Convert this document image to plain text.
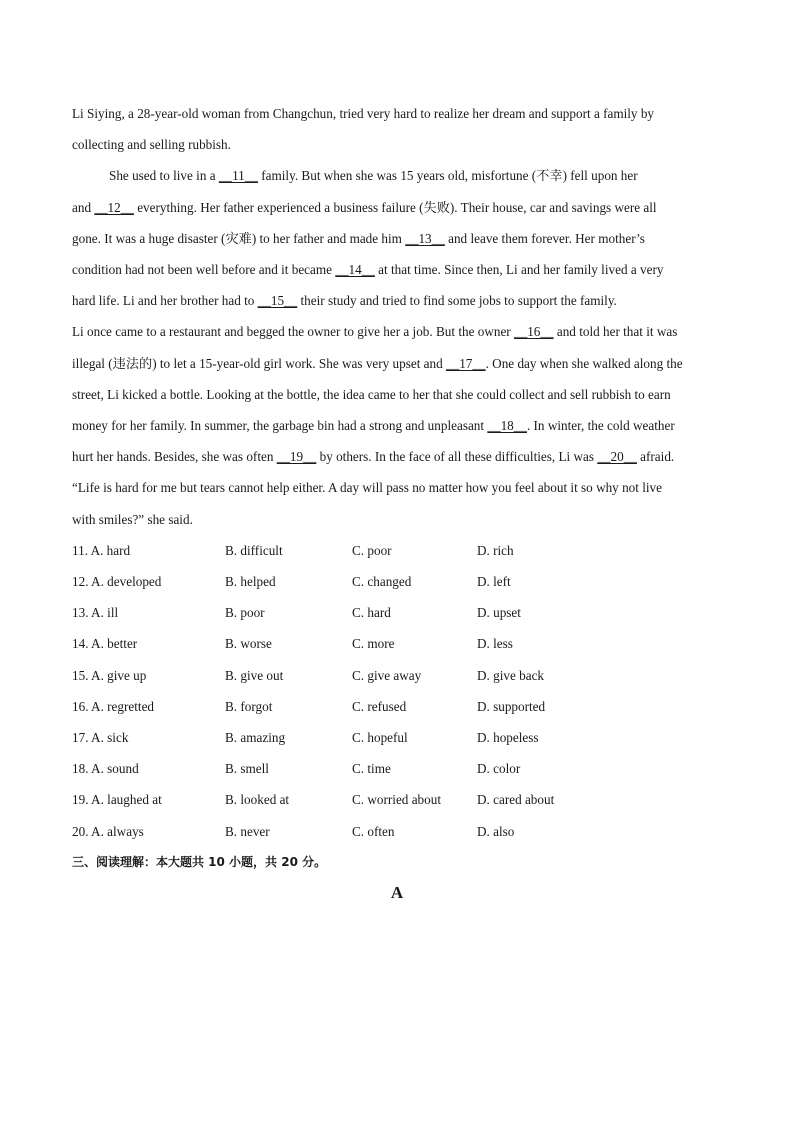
Li Siying, a 28-year-old woman from Changchun, tried very hard to realize her dream and support a family by
collecting and selling rubbish.
She used to live in a __11__ family. But when she was 15 years old, misfortune (不幸) fell upon her
and __12__ everything. Her father experienced a business failure (失败). Their house, car and savings were all
gone. It was a huge disaster (灾难) to her father and made him __13__ and leave them forever. Her mother’s
condition had not been well before and it became __14__ at that time. Since then, Li and her family lived a very
hard life. Li and her brother had to __15__ their study and tried to find some jobs to support the family.
Li once came to a restaurant and begged the owner to give her a job. But the owner __16__ and told her that it was
illegal (违法的) to let a 15-year-old girl work. She was very upset and __17__. One day when she walked along the
street, Li kicked a bottle. Looking at the bottle, the idea came to her that she could collect and sell rubbish to earn
money for her family. In summer, the garbage bin had a strong and unpleasant __18__. In winter, the cold weather
hurt her hands. Besides, she was often __19__ by others. In the face of all these difficulties, Li was __20__ afraid.
“Life is hard for me but tears cannot help either. A day will pass no matter how you feel about it so why not live
with smiles?” she said.
11. A. hard	B. difficult	C. poor	D. rich
12. A. developed	B. helped	C. changed	D. left
13. A. ill	B. poor	C. hard	D. upset
14. A. better	B. worse	C. more	D. less
15. A. give up	B. give out	C. give away	D. give back
16. A. regretted	B. forgot	C. refused	D. supported
17. A. sick	B. amazing	C. hopeful	D. hopeless
18. A. sound	B. smell	C. time	D. color
19. A. laughed at	B. looked at	C. worried about	D. cared about
20. A. always	B. never	C. often	D. also
三、阅读理解：本大题共 10 小题，共 20 分。
A
